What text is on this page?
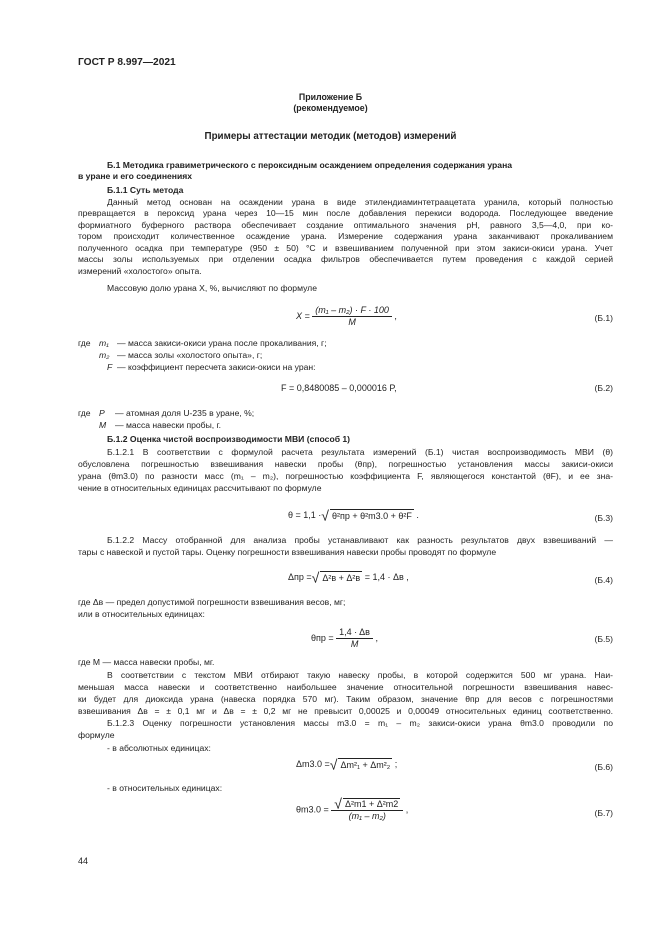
ГОСТ Р 8.997—2021
Приложение Б
(рекомендуемое)
Примеры аттестации методик (методов) измерений
Б.1 Методика гравиметрического с пероксидным осаждением определения содержания урана
в уране и его соединениях
Б.1.1 Суть метода
Данный метод основан на осаждении урана в виде этилендиаминтетраацетата уранила, который полностью
превращается в пероксид урана через 10—15 мин после добавления перекиси водорода. Последующее введение
формиатного буферного раствора обеспечивает создание оптимального значения pH, равного 3,5—4,0, при ко-
тором происходит количественное осаждение урана. Измерение содержания урана заканчивают прокаливанием
полученного осадка при температуре (950 ± 50) °С и взвешиванием полученной при этом закиси-окиси урана. Учет
массы золы используемых при отделении осадка фильтров обеспечивается путем проведения с каждой серией
измерений «холостого» опыта.
Массовую долю урана X, %, вычисляют по формуле
$X = \frac{\text{(m₁ – m₂) · F · 100}}{M}$ ,	(Б.1)
где m₁ — масса закиси-окиси урана после прокаливания, г;
m₂ — масса золы «холостого опыта», г;
F — коэффициент пересчета закиси-окиси на уран:
F = 0,8480085 – 0,000016 P,	(Б.2)
где P — атомная доля U-235 в уране, %;
M — масса навески пробы, г.
Б.1.2 Оценка чистой воспроизводимости МВИ (способ 1)
Б.1.2.1 В соответствии с формулой расчета результата измерений (Б.1) чистая воспроизводимость МВИ (θ)
обусловлена погрешностью взвешивания навески пробы (θпр), погрешностью установления массы закиси-окиси
урана (θm3.0) по разности масс (m₁ – m₂), погрешностью коэффициента F, являющегося константой (θF), и ее зна-
чение в относительных единицах рассчитывают по формуле
θ = 1,1 ·√ θ²пр + θ²m3.0 + θ²F .	(Б.3)
Б.1.2.2 Массу отобранной для анализа пробы устанавливают как разность результатов двух взвешиваний —
тары с навеской и пустой тары. Оценку погрешности взвешивания навески пробы проводят по формуле
Δпр =√ Δ²в + Δ²в = 1,4 · Δв ,	(Б.4)
где Δв — предел допустимой погрешности взвешивания весов, мг;
или в относительных единицах:
$\theta пр = \frac{1,4 \cdot \Delta в}{M}$ ,	(Б.5)
где M — масса навески пробы, мг.
В соответствии с текстом МВИ отбирают такую навеску пробы, в которой содержится 500 мг урана. Наи-
меньшая масса навески и соответственно наибольшее значение относительной погрешности взвешивания навес-
ки будет для диоксида урана (навеска порядка 570 мг). Таким образом, значение θпр для весов с погрешностями
взвешивания Δв = ± 0,1 мг и Δв = ± 0,2 мг не превысит 0,00025 и 0,00049 относительных единиц соответственно.
Б.1.2.3 Оценку погрешности установления массы m3.0 = m₁ – m₂ закиси-окиси урана θm3.0 проводили по
формуле
- в абсолютных единицах:
Δm3.0 =√ Δm²₁ + Δm²₂ ;	(Б.6)
- в относительных единицах:
$\theta m3.0 = \frac{\text{√ Δ²m1 + Δ²m2}}{\text{(m₁ – m₂)}}$ ,	(Б.7)
44
